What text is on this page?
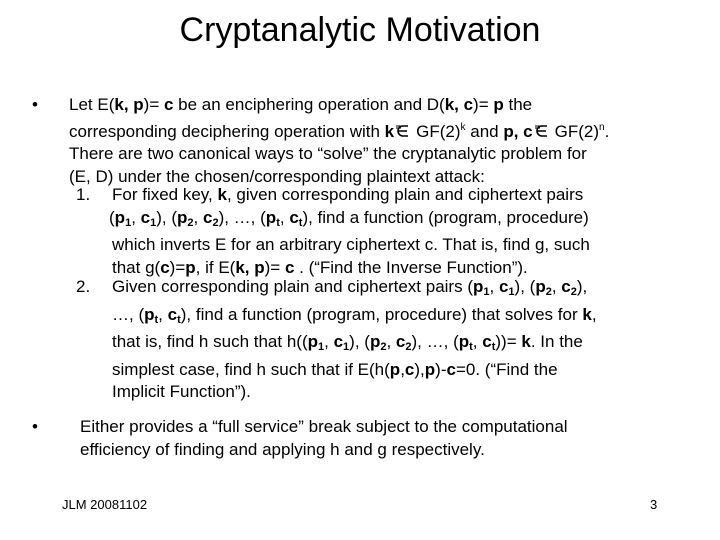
Cryptanalytic Motivation
• Let E(k, p)= c be an enciphering operation and D(k, c)= p the
corresponding deciphering operation with k $GF(2)^k$ and p, c $GF(2)^n$.
There are two canonical ways to “solve” the cryptanalytic problem for
(E, D) under the chosen/corresponding plaintext attack:
1. For fixed key, k, given corresponding plain and ciphertext pairs
($p_1$, $c_1$), ($p_2$, $c_2$), …, ($p_t$, $c_t$), find a function (program, procedure)
which inverts E for an arbitrary ciphertext c. That is, find g, such
that g(c)=p, if E(k, p)= c . (“Find the Inverse Function”).
2. Given corresponding plain and ciphertext pairs ($p_1$, $c_1$), ($p_2$, $c_2$),
…, ($p_t$, $c_t$), find a function (program, procedure) that solves for k,
that is, find h such that $h((p_1$, $c_1$), ($p_2$, $c_2$), …, ($p_t$, $c_t))= k$. In the
simplest case, find h such that if E(h(p,c),p)-c=0. (“Find the
Implicit Function”).
• Either provides a “full service” break subject to the computational
efficiency of finding and applying h and g respectively.
JLM 20081102	3
